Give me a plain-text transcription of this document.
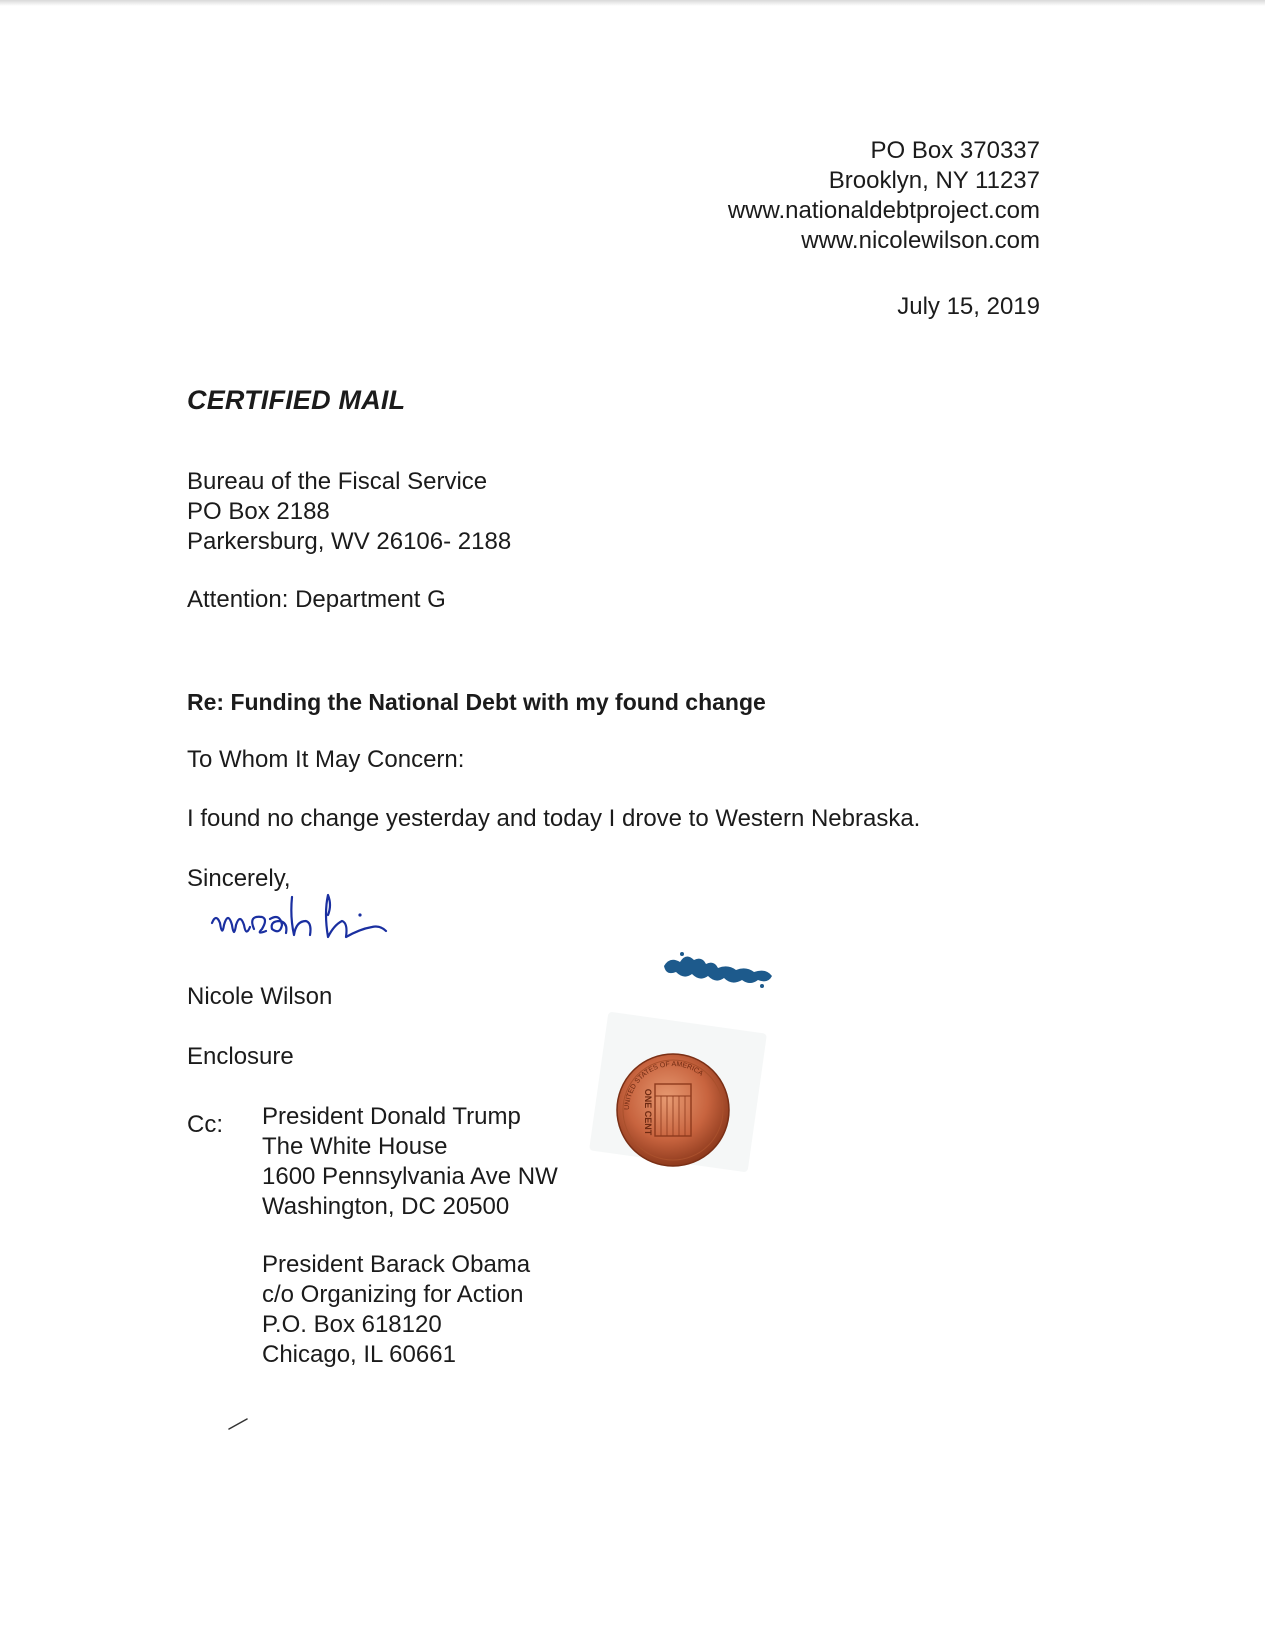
PO Box 370337
Brooklyn, NY 11237
www.nationaldebtproject.com
www.nicolewilson.com
July 15, 2019
CERTIFIED MAIL
Bureau of the Fiscal Service
PO Box 2188
Parkersburg, WV 26106- 2188
Attention: Department G
Re: Funding the National Debt with my found change
To Whom It May Concern:
I found no change yesterday and today I drove to Western Nebraska.
Sincerely,
Nicole Wilson
Enclosure
Cc: President Donald Trump
The White House
1600 Pennsylvania Ave NW
Washington, DC 20500
President Barack Obama
c/o Organizing for Action
P.O. Box 618120
Chicago, IL 60661
UNITED STATES OF AMERICA
ONE CENT
